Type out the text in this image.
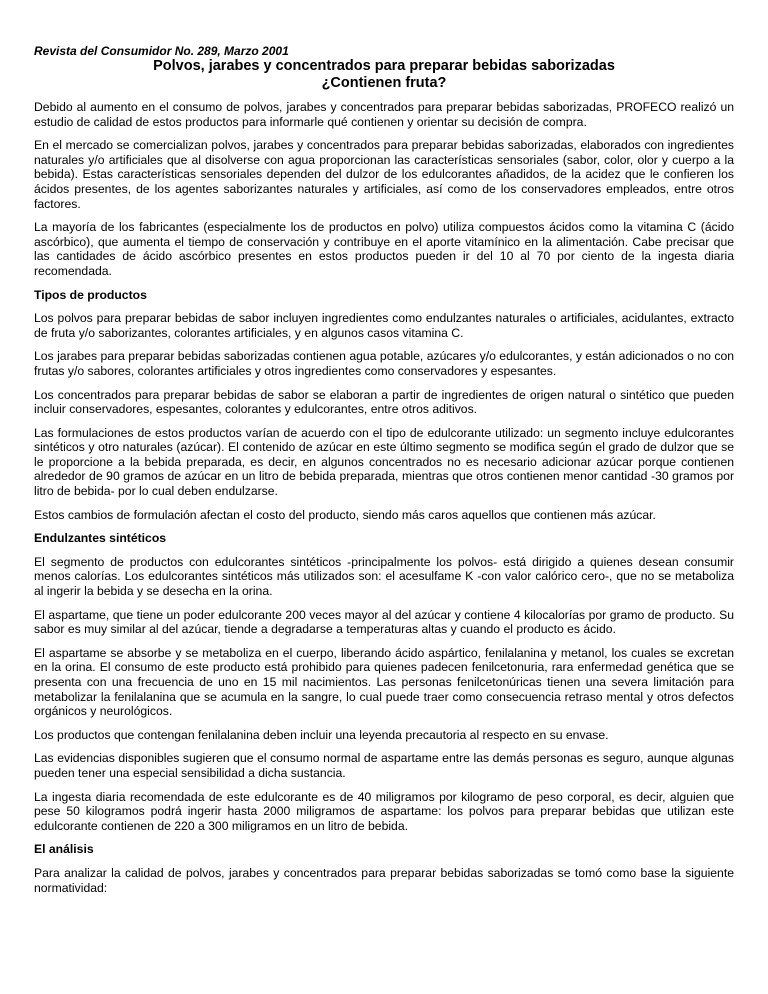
Revista del Consumidor No. 289, Marzo 2001

Polvos, jarabes y concentrados para preparar bebidas saborizadas

¿Contienen fruta?

Debido al aumento en el consumo de polvos, jarabes y concentrados para preparar bebidas saborizadas, PROFECO realizó un estudio de calidad de estos productos para informarle qué contienen y orientar su decisión de compra.

En el mercado se comercializan polvos, jarabes y concentrados para preparar bebidas saborizadas, elaborados con ingredientes naturales y/o artificiales que al disolverse con agua proporcionan las características sensoriales (sabor, color, olor y cuerpo a la bebida). Estas características sensoriales dependen del dulzor de los edulcorantes añadidos, de la acidez que le confieren los ácidos presentes, de los agentes saborizantes naturales y artificiales, así como de los conservadores empleados, entre otros factores.

La mayoría de los fabricantes (especialmente los de productos en polvo) utiliza compuestos ácidos como la vitamina C (ácido ascórbico), que aumenta el tiempo de conservación y contribuye en el aporte vitamínico en la alimentación. Cabe precisar que las cantidades de ácido ascórbico presentes en estos productos pueden ir del 10 al 70 por ciento de la ingesta diaria recomendada.

Tipos de productos

Los polvos para preparar bebidas de sabor incluyen ingredientes como endulzantes naturales o artificiales, acidulantes, extracto de fruta y/o saborizantes, colorantes artificiales, y en algunos casos vitamina C.

Los jarabes para preparar bebidas saborizadas contienen agua potable, azúcares y/o edulcorantes, y están adicionados o no con frutas y/o sabores, colorantes artificiales y otros ingredientes como conservadores y espesantes.

Los concentrados para preparar bebidas de sabor se elaboran a partir de ingredientes de origen natural o sintético que pueden incluir conservadores, espesantes, colorantes y edulcorantes, entre otros aditivos.

Las formulaciones de estos productos varían de acuerdo con el tipo de edulcorante utilizado: un segmento incluye edulcorantes sintéticos y otro naturales (azúcar). El contenido de azúcar en este último segmento se modifica según el grado de dulzor que se le proporcione a la bebida preparada, es decir, en algunos concentrados no es necesario adicionar azúcar porque contienen alrededor de 90 gramos de azúcar en un litro de bebida preparada, mientras que otros contienen menor cantidad -30 gramos por litro de bebida- por lo cual deben endulzarse.

Estos cambios de formulación afectan el costo del producto, siendo más caros aquellos que contienen más azúcar.

Endulzantes sintéticos

El segmento de productos con edulcorantes sintéticos -principalmente los polvos- está dirigido a quienes desean consumir menos calorías. Los edulcorantes sintéticos más utilizados son: el acesulfame K -con valor calórico cero-, que no se metaboliza al ingerir la bebida y se desecha en la orina.

El aspartame, que tiene un poder edulcorante 200 veces mayor al del azúcar y contiene 4 kilocalorías por gramo de producto. Su sabor es muy similar al del azúcar, tiende a degradarse a temperaturas altas y cuando el producto es ácido.

El aspartame se absorbe y se metaboliza en el cuerpo, liberando ácido aspártico, fenilalanina y metanol, los cuales se excretan en la orina. El consumo de este producto está prohibido para quienes padecen fenilcetonuria, rara enfermedad genética que se presenta con una frecuencia de uno en 15 mil nacimientos. Las personas fenilcetonúricas tienen una severa limitación para metabolizar la fenilalanina que se acumula en la sangre, lo cual puede traer como consecuencia retraso mental y otros defectos orgánicos y neurológicos.

Los productos que contengan fenilalanina deben incluir una leyenda precautoria al respecto en su envase.

Las evidencias disponibles sugieren que el consumo normal de aspartame entre las demás personas es seguro, aunque algunas pueden tener una especial sensibilidad a dicha sustancia.

La ingesta diaria recomendada de este edulcorante es de 40 miligramos por kilogramo de peso corporal, es decir, alguien que pese 50 kilogramos podrá ingerir hasta 2000 miligramos de aspartame: los polvos para preparar bebidas que utilizan este edulcorante contienen de 220 a 300 miligramos en un litro de bebida.

El análisis

Para analizar la calidad de polvos, jarabes y concentrados para preparar bebidas saborizadas se tomó como base la siguiente normatividad:
